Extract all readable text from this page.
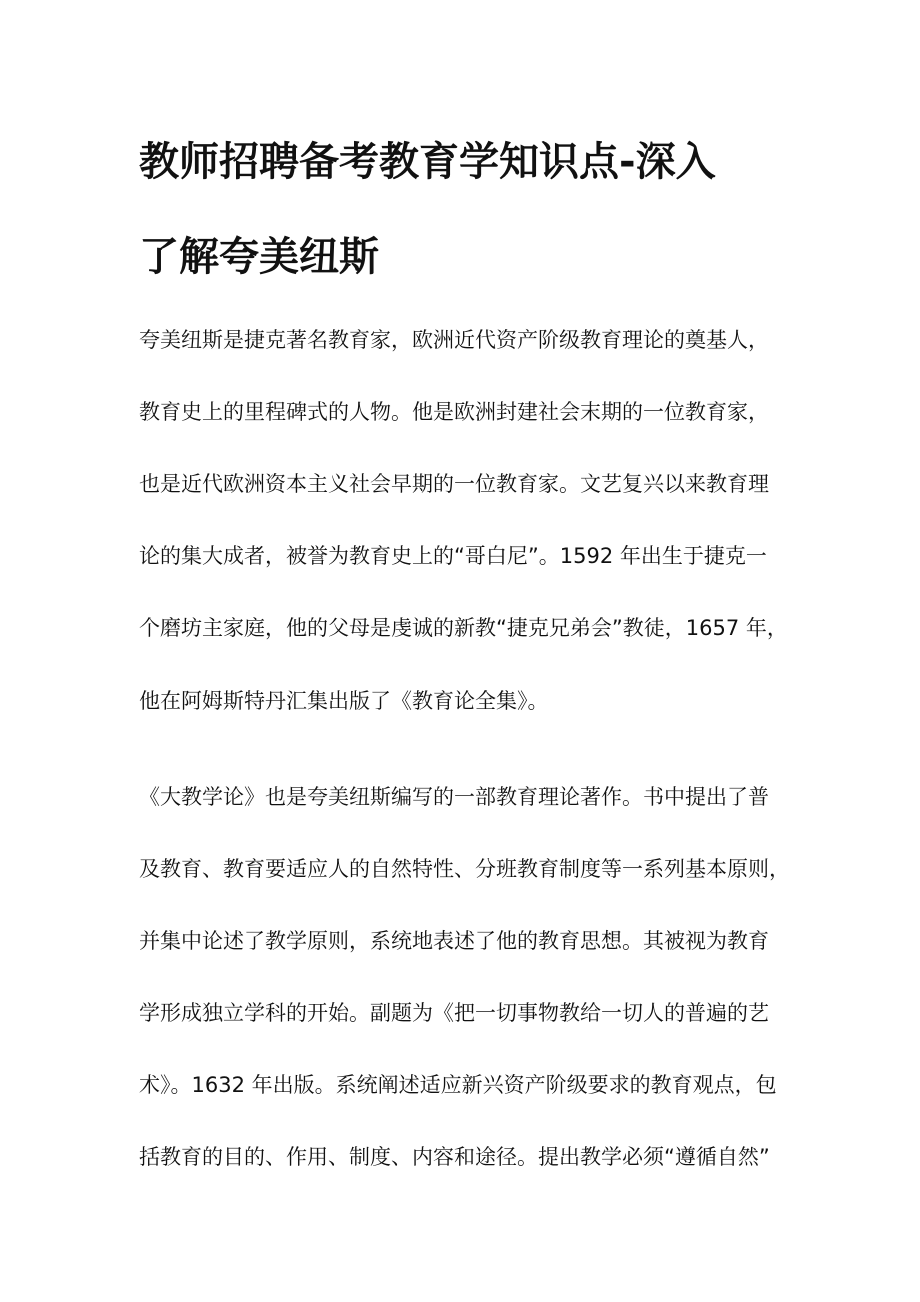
教师招聘备考教育学知识点-深入
了解夸美纽斯
夸美纽斯是捷克著名教育家，欧洲近代资产阶级教育理论的奠基人，
教育史上的里程碑式的人物。他是欧洲封建社会末期的一位教育家，
也是近代欧洲资本主义社会早期的一位教育家。文艺复兴以来教育理
论的集大成者，被誉为教育史上的“哥白尼”。1592 年出生于捷克一
个磨坊主家庭，他的父母是虔诚的新教“捷克兄弟会”教徒，1657 年，
他在阿姆斯特丹汇集出版了《教育论全集》。
《大教学论》也是夸美纽斯编写的一部教育理论著作。书中提出了普
及教育、教育要适应人的自然特性、分班教育制度等一系列基本原则，
并集中论述了教学原则，系统地表述了他的教育思想。其被视为教育
学形成独立学科的开始。副题为《把一切事物教给一切人的普遍的艺
术》。1632 年出版。系统阐述适应新兴资产阶级要求的教育观点，包
括教育的目的、作用、制度、内容和途径。提出教学必须“遵循自然”
